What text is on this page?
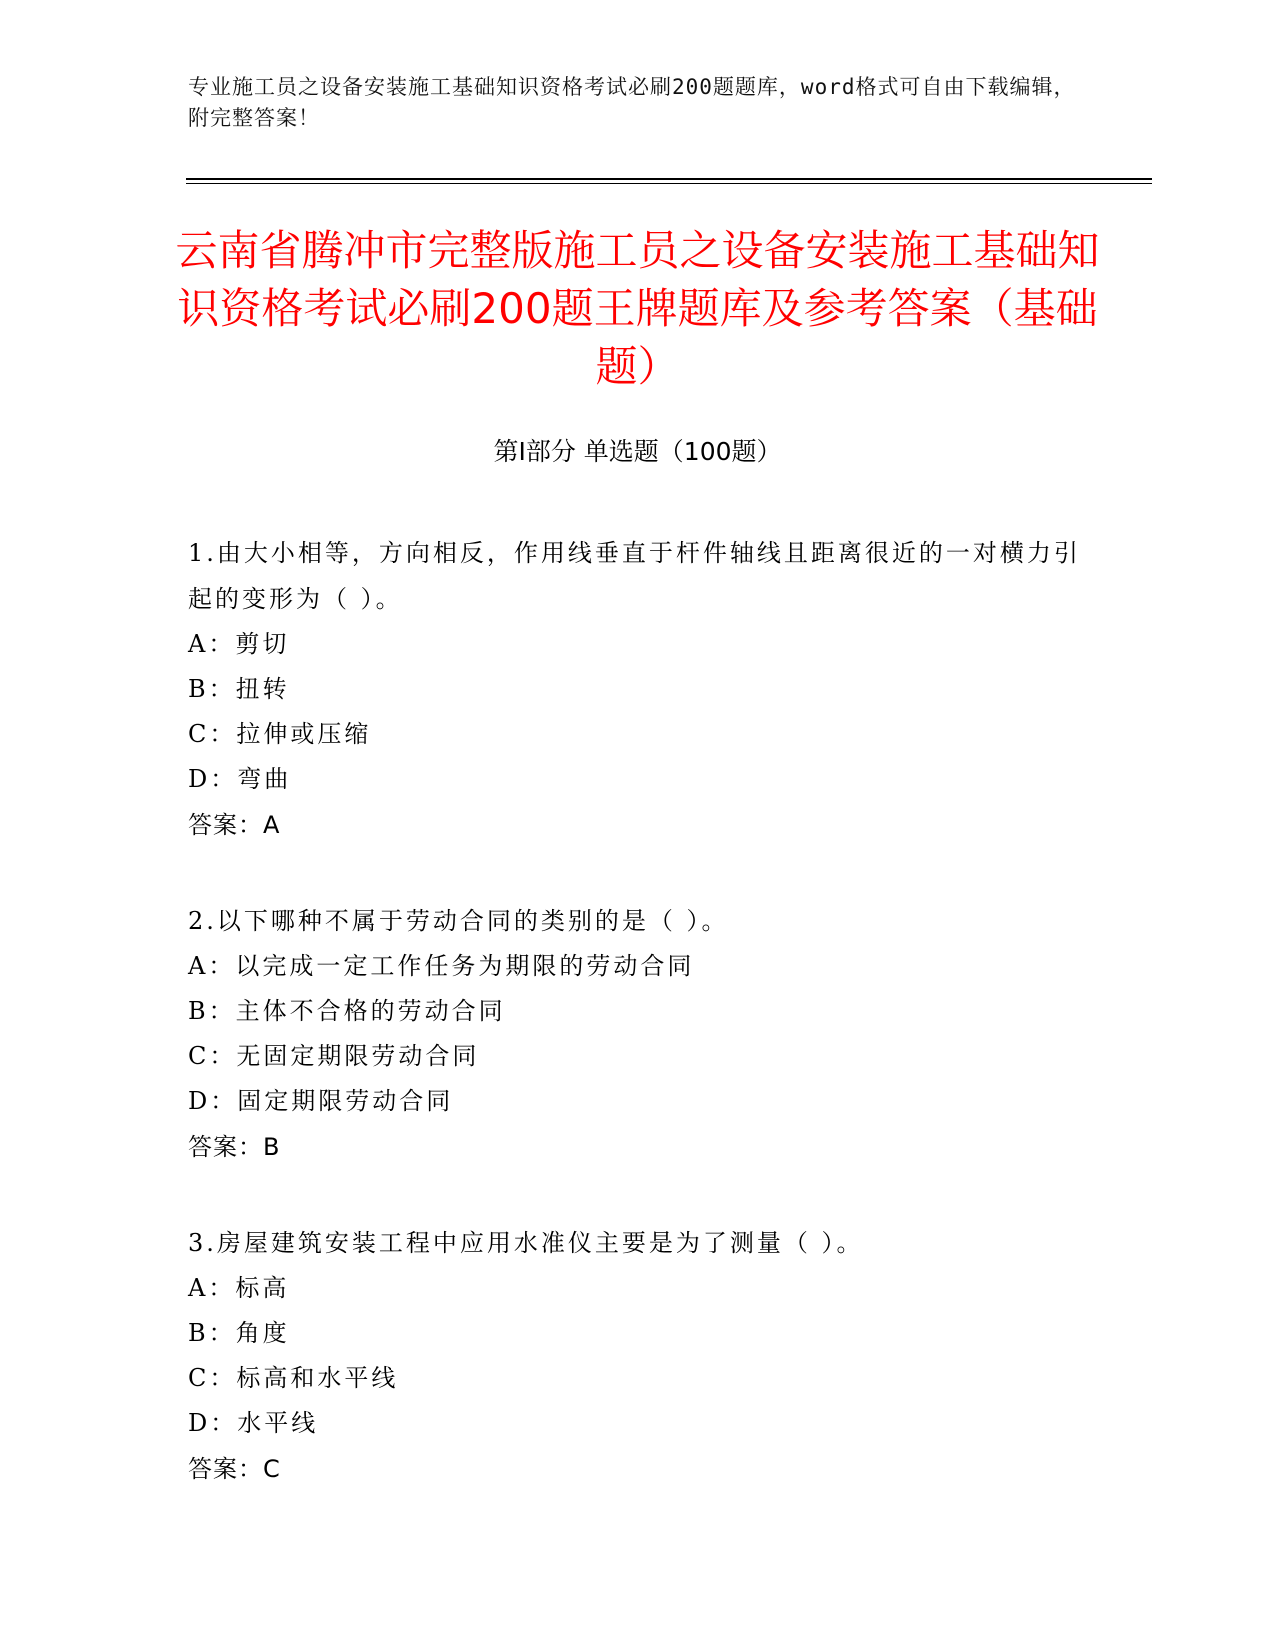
专业施工员之设备安装施工基础知识资格考试必刷200题题库，word格式可自由下载编辑，附完整答案！
云南省腾冲市完整版施工员之设备安装施工基础知识资格考试必刷200题王牌题库及参考答案（基础题）
第I部分 单选题（100题）

1.由大小相等，方向相反，作用线垂直于杆件轴线且距离很近的一对横力引起的变形为（ ）。

A：剪切

B：扭转

C：拉伸或压缩

D：弯曲

答案：A

2.以下哪种不属于劳动合同的类别的是（ ）。

A：以完成一定工作任务为期限的劳动合同

B：主体不合格的劳动合同

C：无固定期限劳动合同

D：固定期限劳动合同

答案：B

3.房屋建筑安装工程中应用水准仪主要是为了测量（ ）。

A：标高

B：角度

C：标高和水平线

D：水平线

答案：C
